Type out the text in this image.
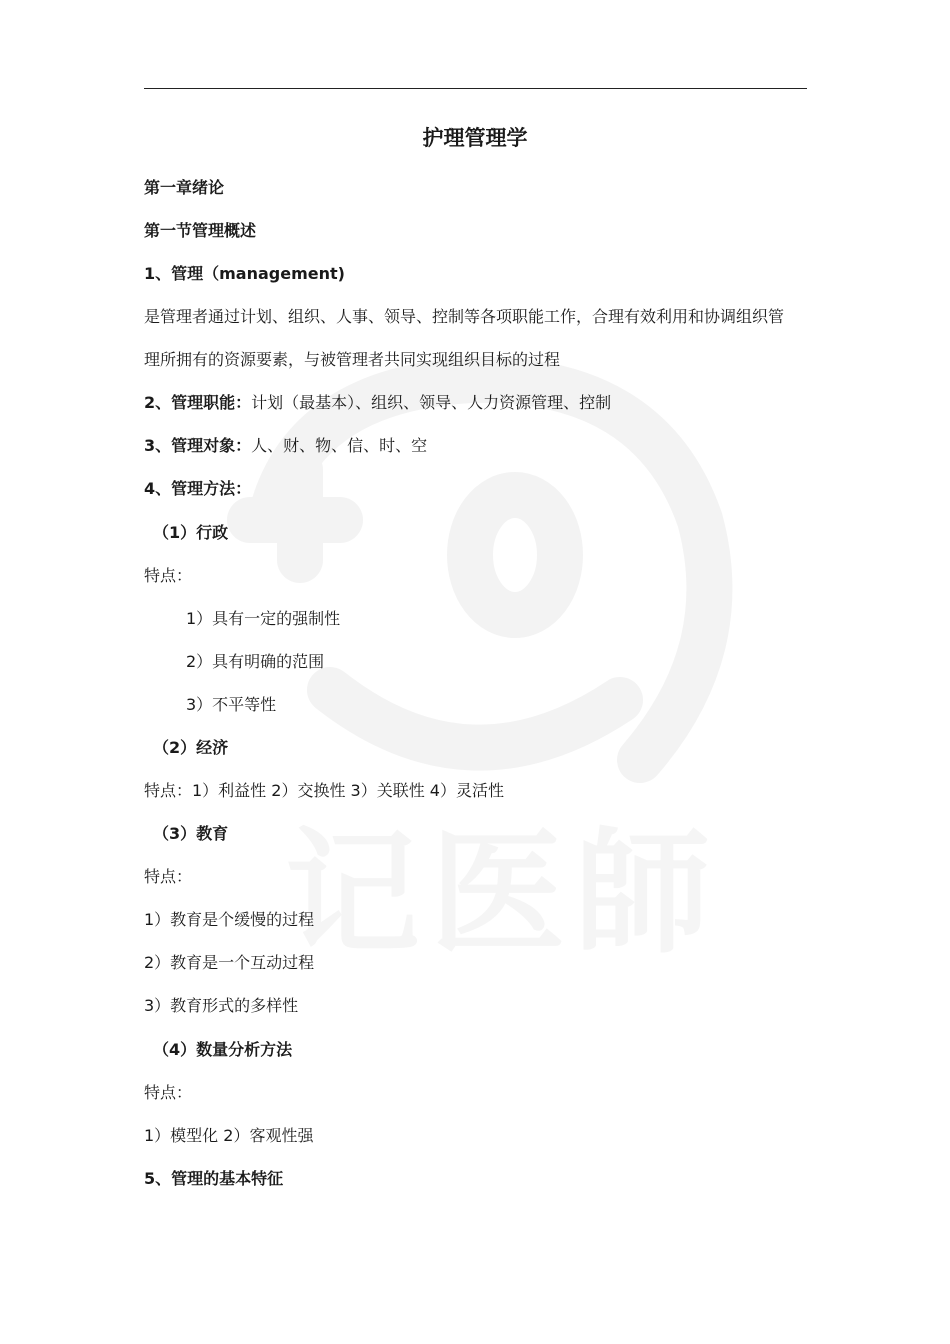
记医師
护理管理学
第一章绪论
第一节管理概述
1、管理（management)
是管理者通过计划、组织、人事、领导、控制等各项职能工作，合理有效利用和协调组织管
理所拥有的资源要素，与被管理者共同实现组织目标的过程
2、管理职能：计划（最基本）、组织、领导、人力资源管理、控制
3、管理对象：人、财、物、信、时、空
4、管理方法：
（1）行政
特点：
1）具有一定的强制性
2）具有明确的范围
3）不平等性
（2）经济
特点：1）利益性 2）交换性 3）关联性 4）灵活性
（3）教育
特点：
1）教育是个缓慢的过程
2）教育是一个互动过程
3）教育形式的多样性
（4）数量分析方法
特点：
1）模型化 2）客观性强
5、管理的基本特征
